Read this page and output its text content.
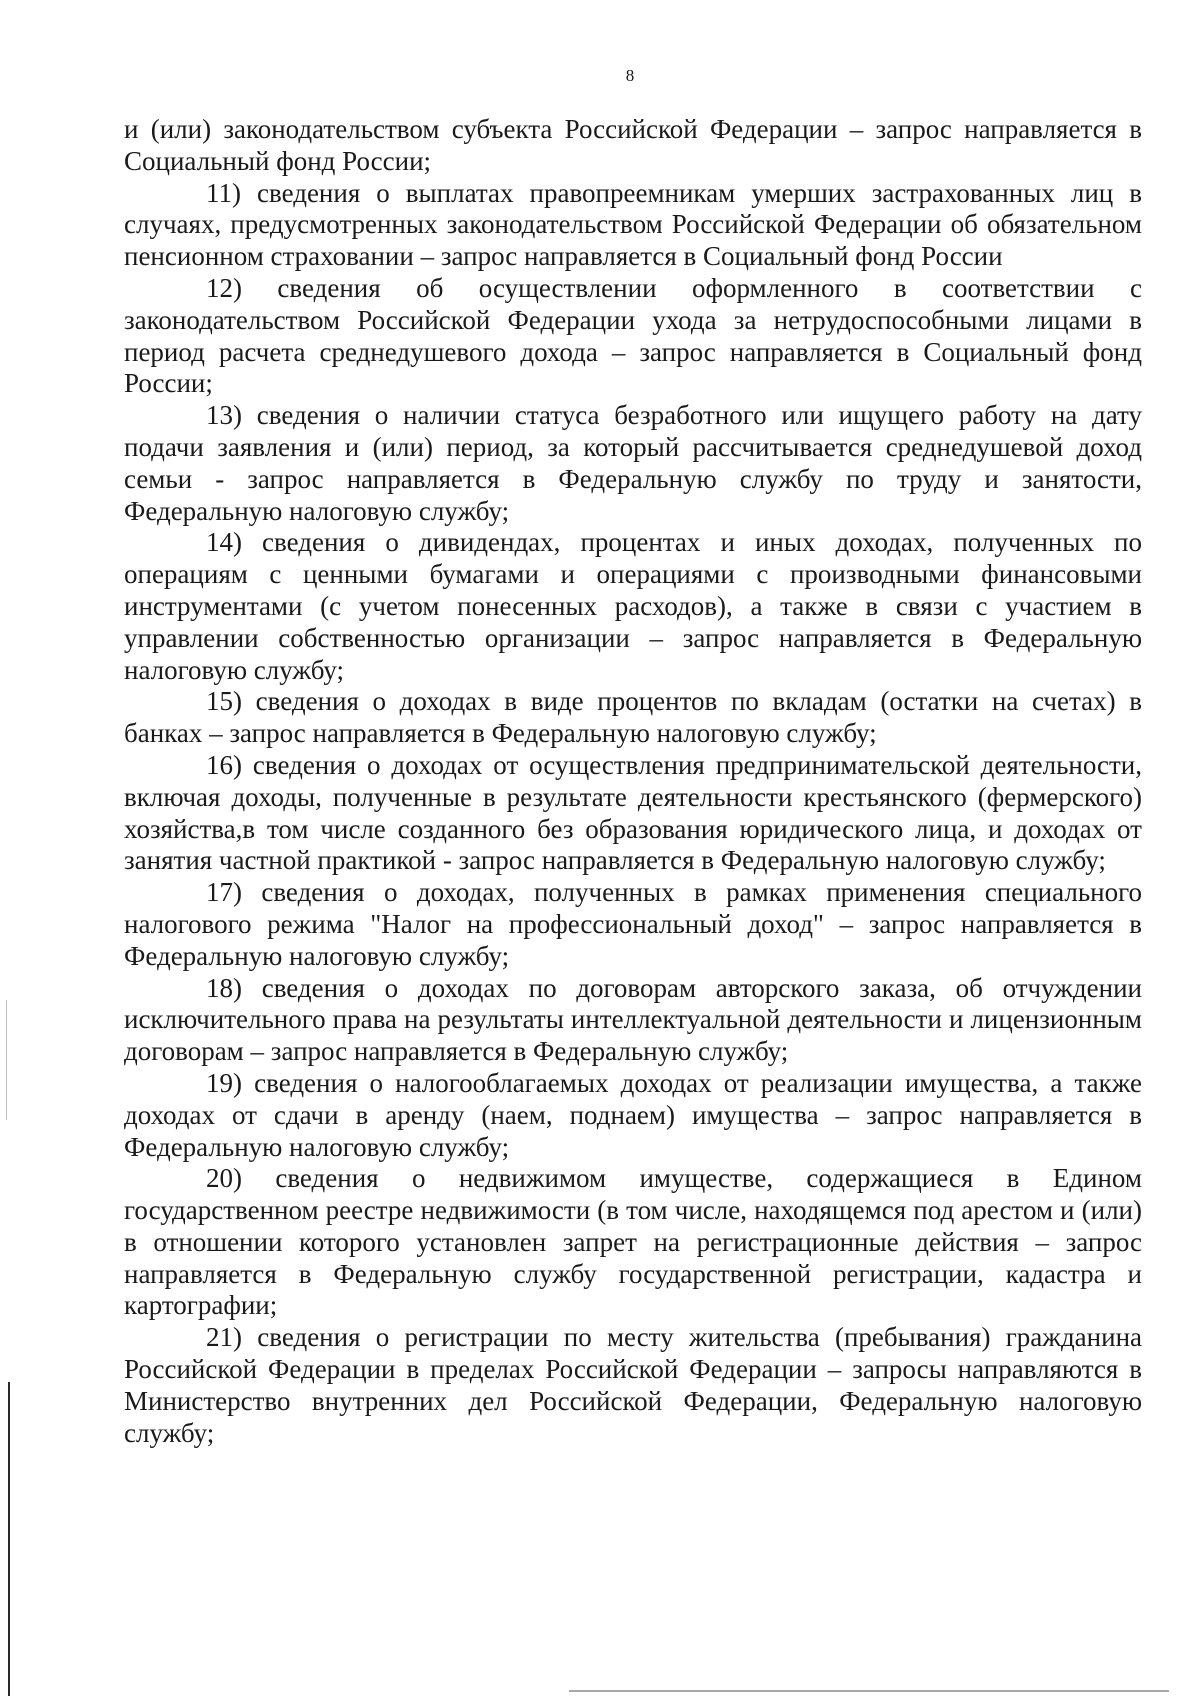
8

и (или) законодательством субъекта Российской Федерации – запрос направляется в Социальный фонд России;

11) сведения о выплатах правопреемникам умерших застрахованных лиц в случаях, предусмотренных законодательством Российской Федерации об обязательном пенсионном страховании – запрос направляется в Социальный фонд России

12) сведения об осуществлении оформленного в соответствии с законодательством Российской Федерации ухода за нетрудоспособными лицами в период расчета среднедушевого дохода – запрос направляется в Социальный фонд России;

13) сведения о наличии статуса безработного или ищущего работу на дату подачи заявления и (или) период, за который рассчитывается среднедушевой доход семьи - запрос направляется в Федеральную службу по труду и занятости, Федеральную налоговую службу;

14) сведения о дивидендах, процентах и иных доходах, полученных по операциям с ценными бумагами и операциями с производными финансовыми инструментами (с учетом понесенных расходов), а также в связи с участием в управлении собственностью организации – запрос направляется в Федеральную налоговую службу;

15) сведения о доходах в виде процентов по вкладам (остатки на счетах) в банках – запрос направляется в Федеральную налоговую службу;

16) сведения о доходах от осуществления предпринимательской деятельности, включая доходы, полученные в результате деятельности крестьянского (фермерского) хозяйства,в том числе созданного без образования юридического лица, и доходах от занятия частной практикой - запрос направляется в Федеральную налоговую службу;

17) сведения о доходах, полученных в рамках применения специального налогового режима "Налог на профессиональный доход" – запрос направляется в Федеральную налоговую службу;

18) сведения о доходах по договорам авторского заказа, об отчуждении исключительного права на результаты интеллектуальной деятельности и лицензионным договорам – запрос направляется в Федеральную службу;

19) сведения о налогооблагаемых доходах от реализации имущества, а также доходах от сдачи в аренду (наем, поднаем) имущества – запрос направляется в Федеральную налоговую службу;

20) сведения о недвижимом имуществе, содержащиеся в Едином государственном реестре недвижимости (в том числе, находящемся под арестом и (или) в отношении которого установлен запрет на регистрационные действия – запрос направляется в Федеральную службу государственной регистрации, кадастра и картографии;

21) сведения о регистрации по месту жительства (пребывания) гражданина Российской Федерации в пределах Российской Федерации – запросы направляются в Министерство внутренних дел Российской Федерации, Федеральную налоговую службу;
